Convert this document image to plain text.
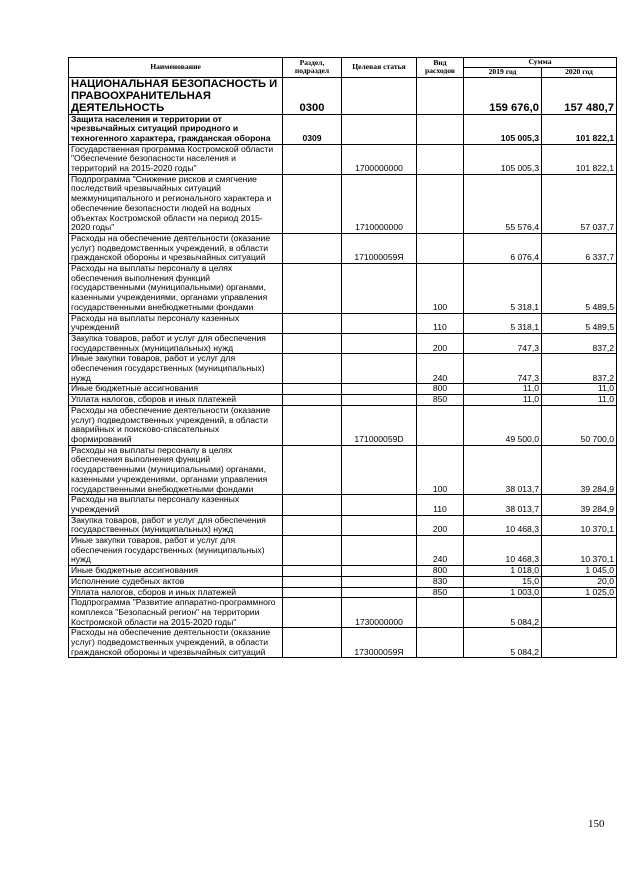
Наименование	Раздел, подраздел	Целевая статья	Вид расходов	Сумма	
				2019 год	2020 год
НАЦИОНАЛЬНАЯ БЕЗОПАСНОСТЬ И ПРАВООХРАНИТЕЛЬНАЯ ДЕЯТЕЛЬНОСТЬ	0300			159 676,0	157 480,7
Защита населения и территории от чрезвычайных ситуаций природного и техногенного характера, гражданская оборона	0309			105 005,3	101 822,1
Государственная программа Костромской области "Обеспечение безопасности населения и территорий на 2015-2020 годы"		1700000000		105 005,3	101 822,1
Подпрограмма "Снижение рисков и смягчение последствий чрезвычайных ситуаций межмуниципального и регионального характера и обеспечение безопасности людей на водных объектах Костромской области на период 2015-2020 годы"		1710000000		55 576,4	57 037,7
Расходы на обеспечение деятельности (оказание услуг) подведомственных учреждений, в области гражданской обороны и чрезвычайных ситуаций		171000059Я		6 076,4	6 337,7
Расходы на выплаты персоналу в целях обеспечения выполнения функций государственными (муниципальными) органами, казенными учреждениями, органами управления государственными внебюджетными фондами			100	5 318,1	5 489,5
Расходы на выплаты персоналу казенных учреждений			110	5 318,1	5 489,5
Закупка товаров, работ и услуг для обеспечения государственных (муниципальных) нужд			200	747,3	837,2
Иные закупки товаров, работ и услуг для обеспечения государственных (муниципальных) нужд			240	747,3	837,2
Иные бюджетные ассигнования			800	11,0	11,0
Уплата налогов, сборов и иных платежей			850	11,0	11,0
Расходы на обеспечение деятельности (оказание услуг) подведомственных учреждений, в области аварийных и поисково-спасательных формирований		171000059D		49 500,0	50 700,0
Расходы на выплаты персоналу в целях обеспечения выполнения функций государственными (муниципальными) органами, казенными учреждениями, органами управления государственными внебюджетными фондами			100	38 013,7	39 284,9
Расходы на выплаты персоналу казенных учреждений			110	38 013,7	39 284,9
Закупка товаров, работ и услуг для обеспечения государственных (муниципальных) нужд			200	10 468,3	10 370,1
Иные закупки товаров, работ и услуг для обеспечения государственных (муниципальных) нужд			240	10 468,3	10 370,1
Иные бюджетные ассигнования			800	1 018,0	1 045,0
Исполнение судебных актов			830	15,0	20,0
Уплата налогов, сборов и иных платежей			850	1 003,0	1 025,0
Подпрограмма "Развитие аппаратно-программного комплекса "Безопасный регион" на территории Костромской области на 2015-2020 годы"		1730000000		5 084,2	
Расходы на обеспечение деятельности (оказание услуг) подведомственных учреждений, в области гражданской обороны и чрезвычайных ситуаций		173000059Я		5 084,2	
150
